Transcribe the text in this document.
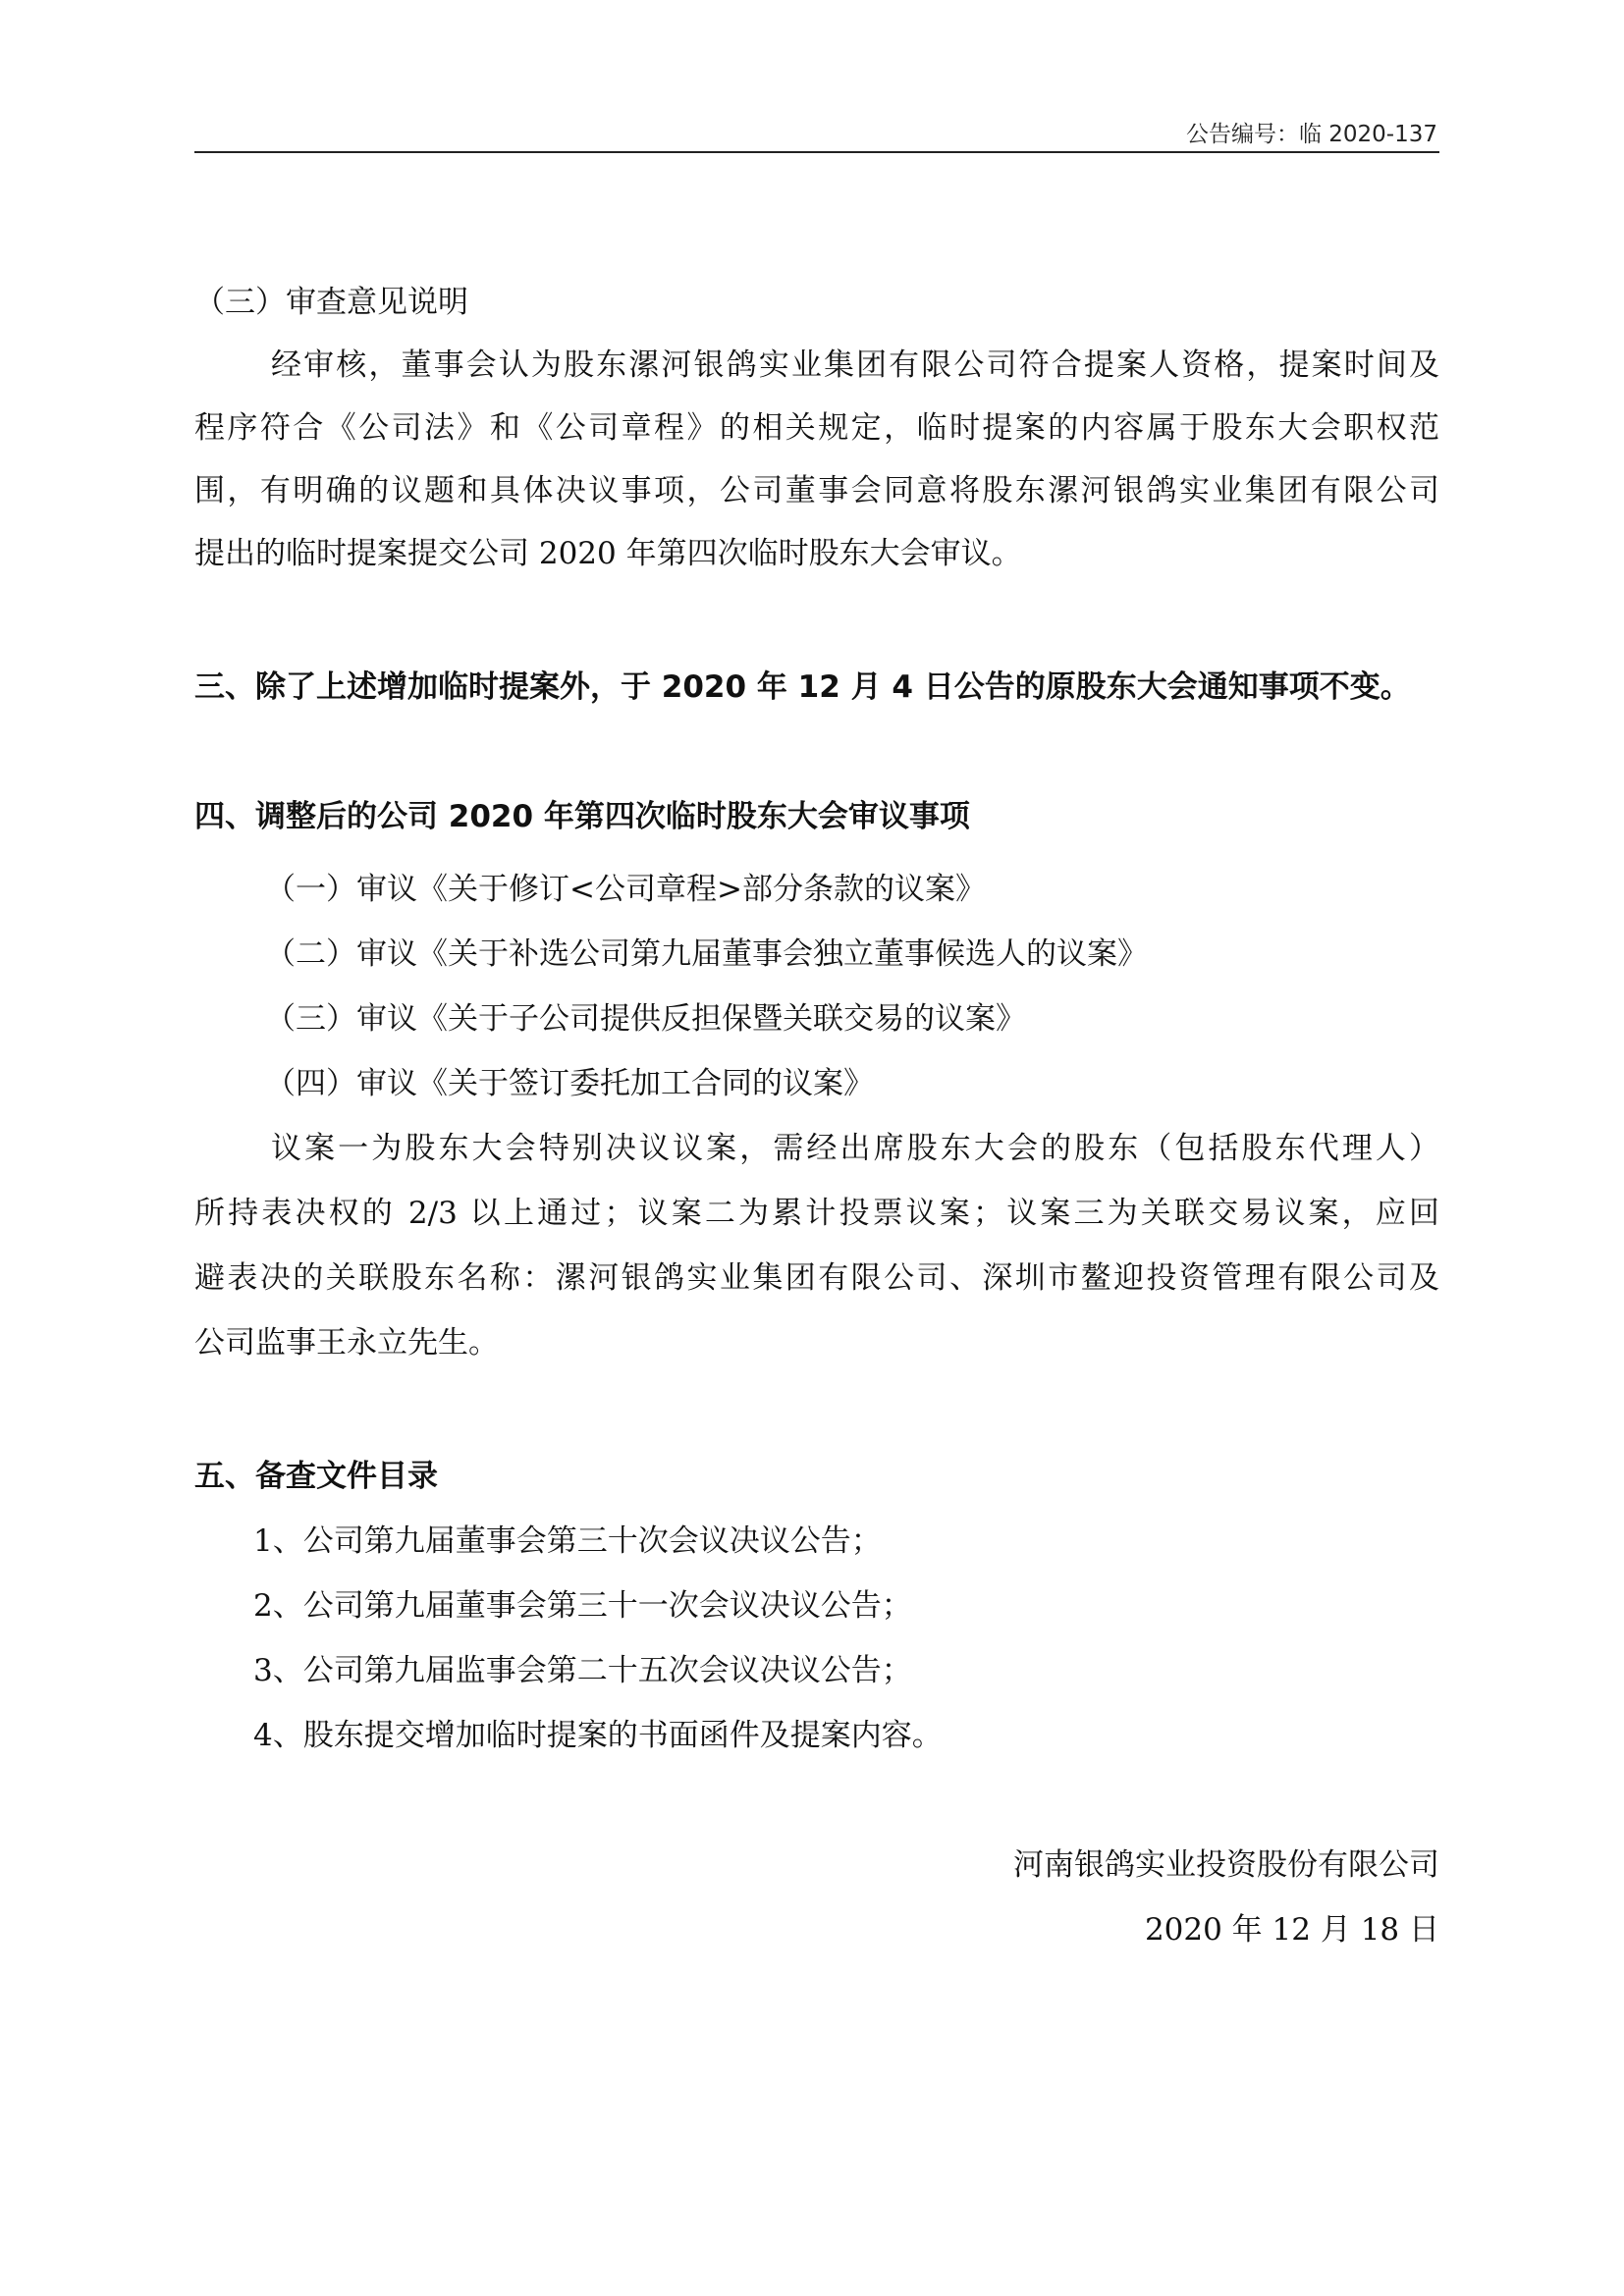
公告编号：临 2020-137

（三）审查意见说明

经审核，董事会认为股东漯河银鸽实业集团有限公司符合提案人资格，提案时间及

程序符合《公司法》和《公司章程》的相关规定，临时提案的内容属于股东大会职权范

围，有明确的议题和具体决议事项，公司董事会同意将股东漯河银鸽实业集团有限公司

提出的临时提案提交公司 2020 年第四次临时股东大会审议。

三、除了上述增加临时提案外，于 2020 年 12 月 4 日公告的原股东大会通知事项不变。

四、调整后的公司 2020 年第四次临时股东大会审议事项

（一）审议《关于修订<公司章程>部分条款的议案》

（二）审议《关于补选公司第九届董事会独立董事候选人的议案》

（三）审议《关于子公司提供反担保暨关联交易的议案》

（四）审议《关于签订委托加工合同的议案》

议案一为股东大会特别决议议案，需经出席股东大会的股东（包括股东代理人）

所持表决权的 2/3 以上通过；议案二为累计投票议案；议案三为关联交易议案，应回

避表决的关联股东名称：漯河银鸽实业集团有限公司、深圳市鳌迎投资管理有限公司及

公司监事王永立先生。

五、备查文件目录

1、公司第九届董事会第三十次会议决议公告；

2、公司第九届董事会第三十一次会议决议公告；

3、公司第九届监事会第二十五次会议决议公告；

4、股东提交增加临时提案的书面函件及提案内容。

河南银鸽实业投资股份有限公司

2020 年 12 月 18 日
